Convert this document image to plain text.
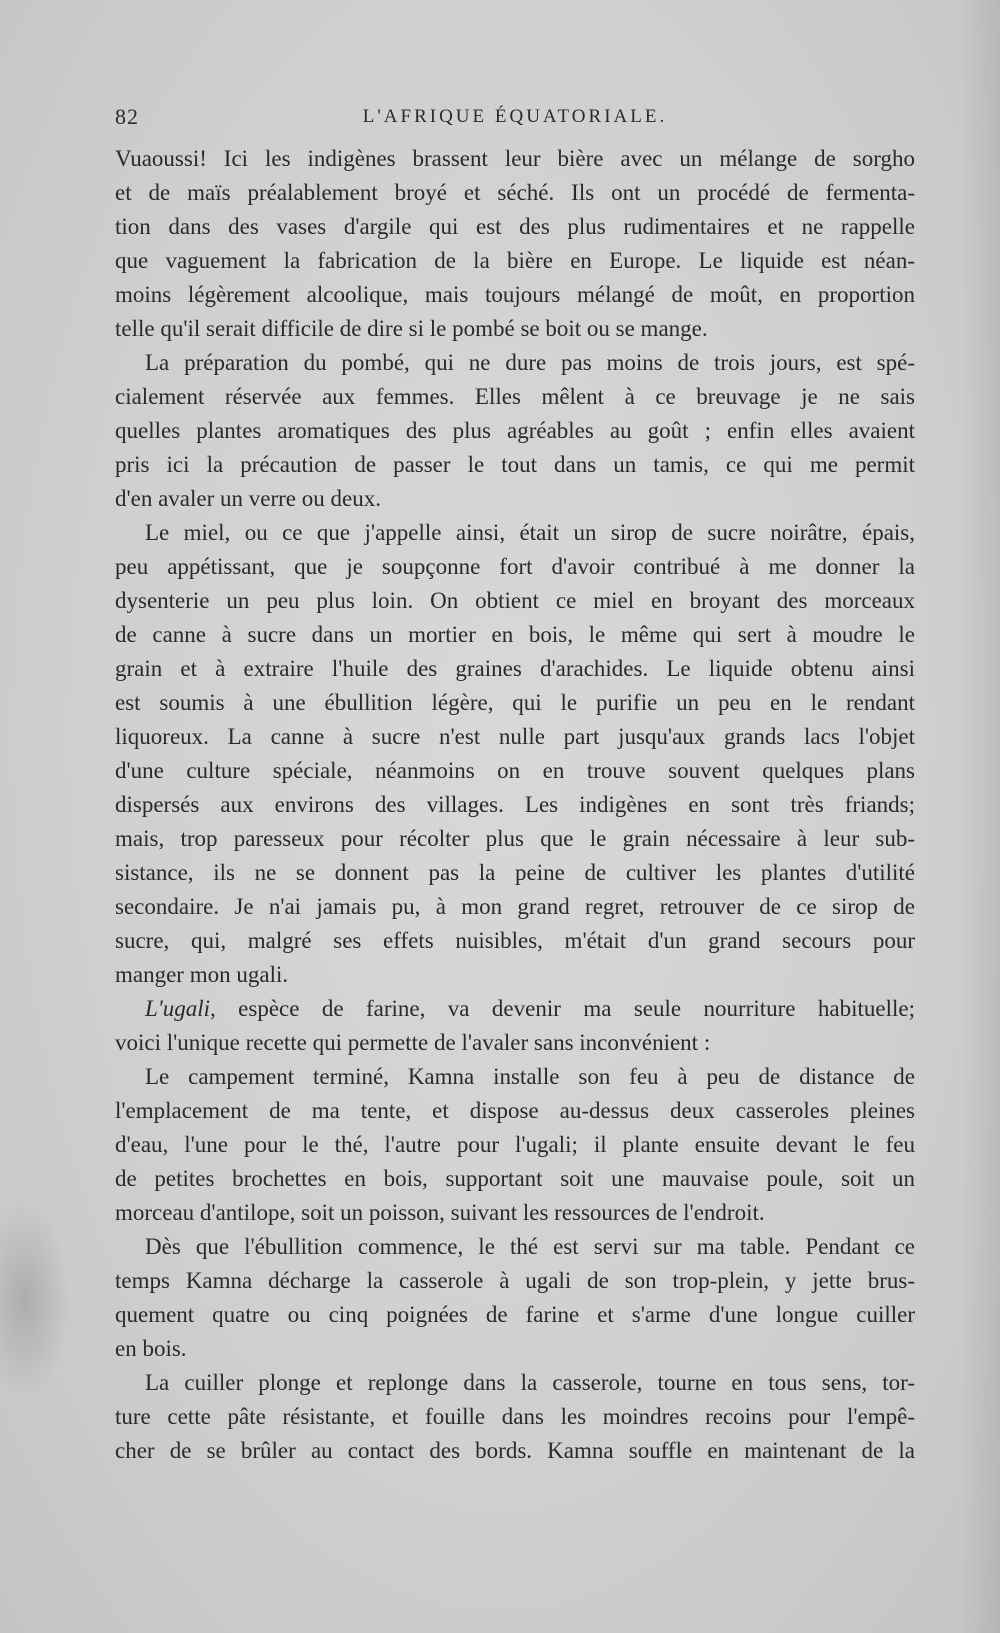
82	L'AFRIQUE ÉQUATORIALE.
Vuaoussi! Ici les indigènes brassent leur bière avec un mélange de sorgho
et de maïs préalablement broyé et séché. Ils ont un procédé de fermenta-
tion dans des vases d'argile qui est des plus rudimentaires et ne rappelle
que vaguement la fabrication de la bière en Europe. Le liquide est néan-
moins légèrement alcoolique, mais toujours mélangé de moût, en proportion
telle qu'il serait difficile de dire si le pombé se boit ou se mange.
La préparation du pombé, qui ne dure pas moins de trois jours, est spé-
cialement réservée aux femmes. Elles mêlent à ce breuvage je ne sais
quelles plantes aromatiques des plus agréables au goût ; enfin elles avaient
pris ici la précaution de passer le tout dans un tamis, ce qui me permit
d'en avaler un verre ou deux.
Le miel, ou ce que j'appelle ainsi, était un sirop de sucre noirâtre, épais,
peu appétissant, que je soupçonne fort d'avoir contribué à me donner la
dysenterie un peu plus loin. On obtient ce miel en broyant des morceaux
de canne à sucre dans un mortier en bois, le même qui sert à moudre le
grain et à extraire l'huile des graines d'arachides. Le liquide obtenu ainsi
est soumis à une ébullition légère, qui le purifie un peu en le rendant
liquoreux. La canne à sucre n'est nulle part jusqu'aux grands lacs l'objet
d'une culture spéciale, néanmoins on en trouve souvent quelques plans
dispersés aux environs des villages. Les indigènes en sont très friands;
mais, trop paresseux pour récolter plus que le grain nécessaire à leur sub-
sistance, ils ne se donnent pas la peine de cultiver les plantes d'utilité
secondaire. Je n'ai jamais pu, à mon grand regret, retrouver de ce sirop de
sucre, qui, malgré ses effets nuisibles, m'était d'un grand secours pour
manger mon ugali.
L'ugali, espèce de farine, va devenir ma seule nourriture habituelle;
voici l'unique recette qui permette de l'avaler sans inconvénient :
Le campement terminé, Kamna installe son feu à peu de distance de
l'emplacement de ma tente, et dispose au-dessus deux casseroles pleines
d'eau, l'une pour le thé, l'autre pour l'ugali; il plante ensuite devant le feu
de petites brochettes en bois, supportant soit une mauvaise poule, soit un
morceau d'antilope, soit un poisson, suivant les ressources de l'endroit.
Dès que l'ébullition commence, le thé est servi sur ma table. Pendant ce
temps Kamna décharge la casserole à ugali de son trop-plein, y jette brus-
quement quatre ou cinq poignées de farine et s'arme d'une longue cuiller
en bois.
La cuiller plonge et replonge dans la casserole, tourne en tous sens, tor-
ture cette pâte résistante, et fouille dans les moindres recoins pour l'empê-
cher de se brûler au contact des bords. Kamna souffle en maintenant de la
